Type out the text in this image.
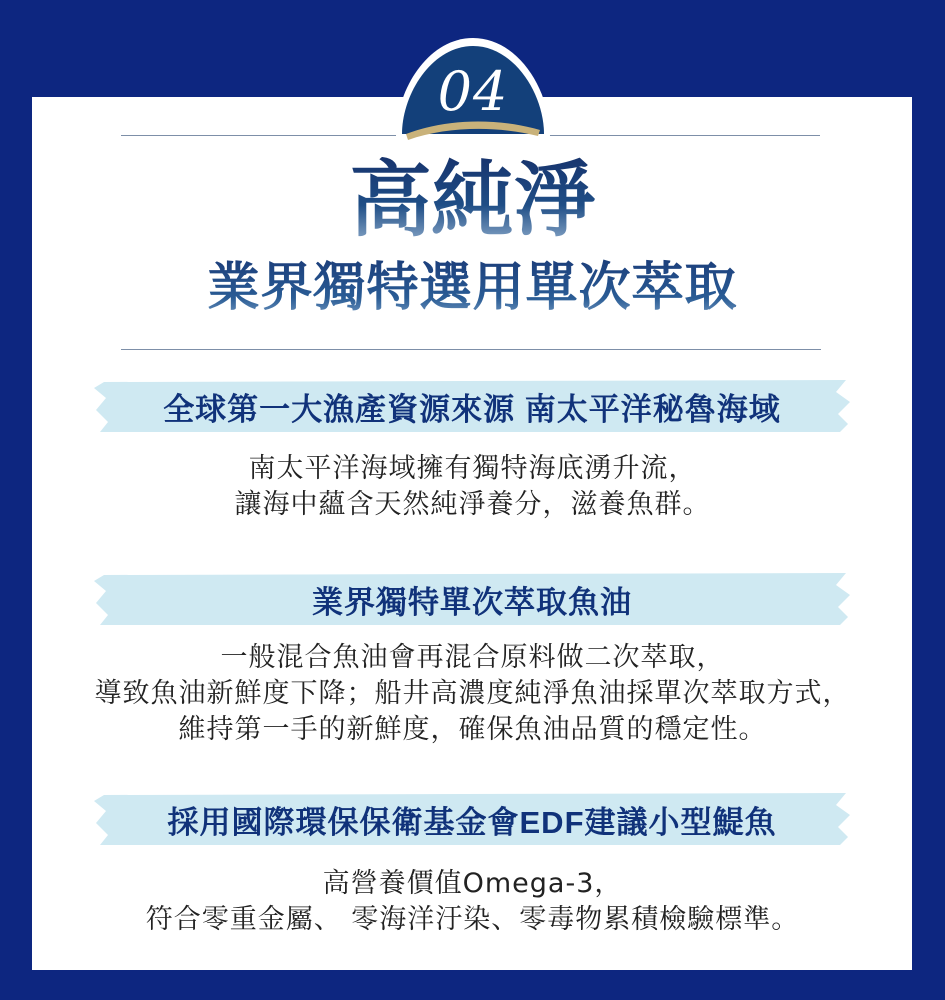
04
高純淨
業界獨特選用單次萃取
全球第一大漁產資源來源 南太平洋秘魯海域
南太平洋海域擁有獨特海底湧升流，
讓海中蘊含天然純淨養分，滋養魚群。
業界獨特單次萃取魚油
一般混合魚油會再混合原料做二次萃取，
導致魚油新鮮度下降；船井高濃度純淨魚油採單次萃取方式，
維持第一手的新鮮度，確保魚油品質的穩定性。
採用國際環保保衛基金會EDF建議小型鯷魚
高營養價值Omega-3，
符合零重金屬、 零海洋汙染、零毒物累積檢驗標準。
